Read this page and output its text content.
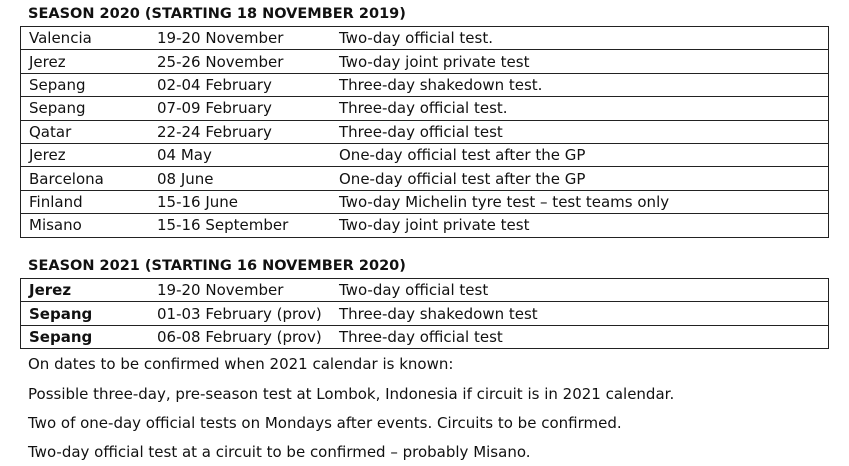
SEASON 2020 (STARTING 18 NOVEMBER 2019)
Valencia	19-20 November	Two-day official test.
Jerez	25-26 November	Two-day joint private test
Sepang	02-04 February	Three-day shakedown test.
Sepang	07-09 February	Three-day official test.
Qatar	22-24 February	Three-day official test
Jerez	04 May	One-day official test after the GP
Barcelona	08 June	One-day official test after the GP
Finland	15-16 June	Two-day Michelin tyre test – test teams only
Misano	15-16 September	Two-day joint private test
SEASON 2021 (STARTING 16 NOVEMBER 2020)
Jerez	19-20 November	Two-day official test
Sepang	01-03 February (prov)	Three-day shakedown test
Sepang	06-08 February (prov)	Three-day official test
On dates to be confirmed when 2021 calendar is known:
Possible three-day, pre-season test at Lombok, Indonesia if circuit is in 2021 calendar.
Two of one-day official tests on Mondays after events. Circuits to be confirmed.
Two-day official test at a circuit to be confirmed – probably Misano.
